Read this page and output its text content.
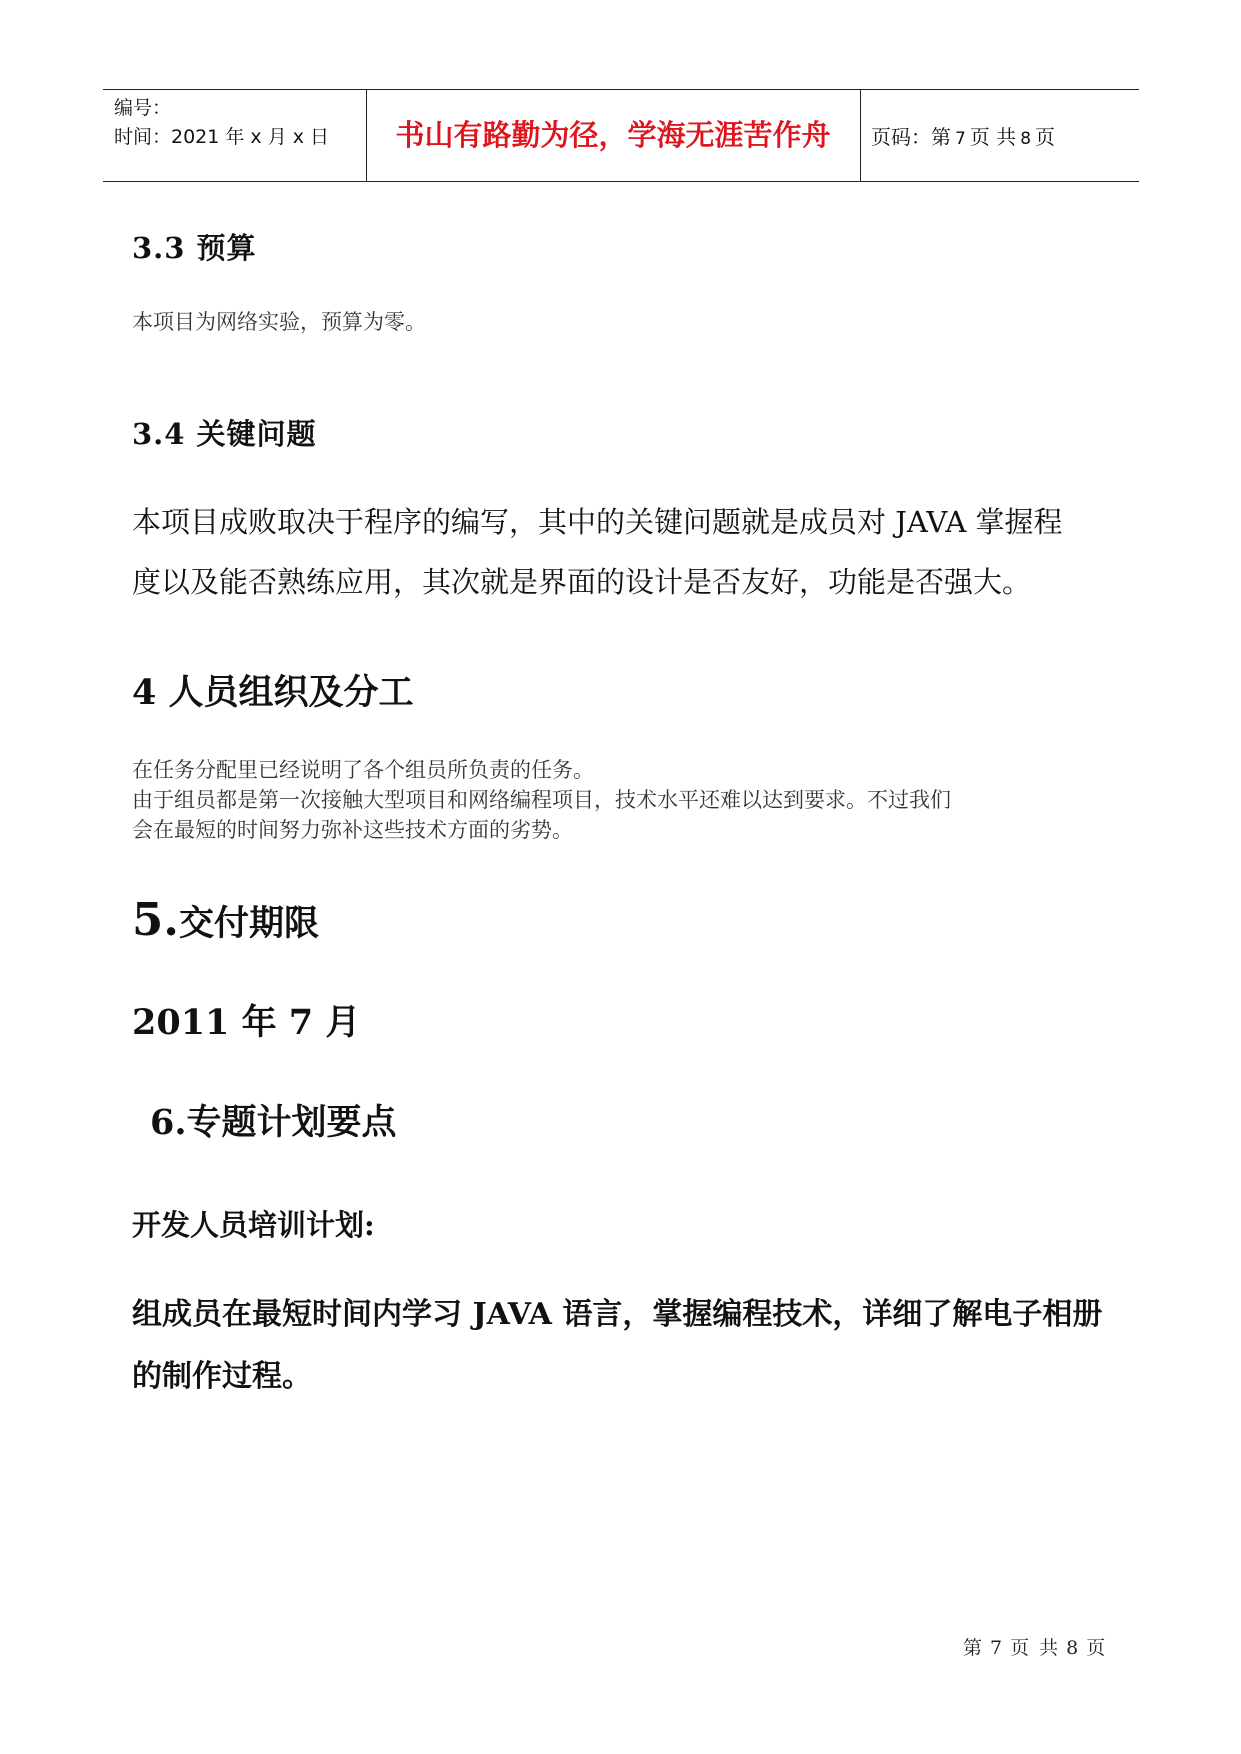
编号：
时间：2021 年 x 月 x 日	书山有路勤为径，学海无涯苦作舟	页码：第 7 页 共 8 页
3.3 预算
本项目为网络实验，预算为零。
3.4 关键问题
本项目成败取决于程序的编写，其中的关键问题就是成员对 JAVA 掌握程
度以及能否熟练应用，其次就是界面的设计是否友好，功能是否强大。
4 人员组织及分工
在任务分配里已经说明了各个组员所负责的任务。
由于组员都是第一次接触大型项目和网络编程项目，技术水平还难以达到要求。不过我们
会在最短的时间努力弥补这些技术方面的劣势。
5.交付期限
2011 年 7 月
6.专题计划要点
开发人员培训计划:
组成员在最短时间内学习 JAVA 语言，掌握编程技术，详细了解电子相册
的制作过程。
第 7 页 共 8 页
